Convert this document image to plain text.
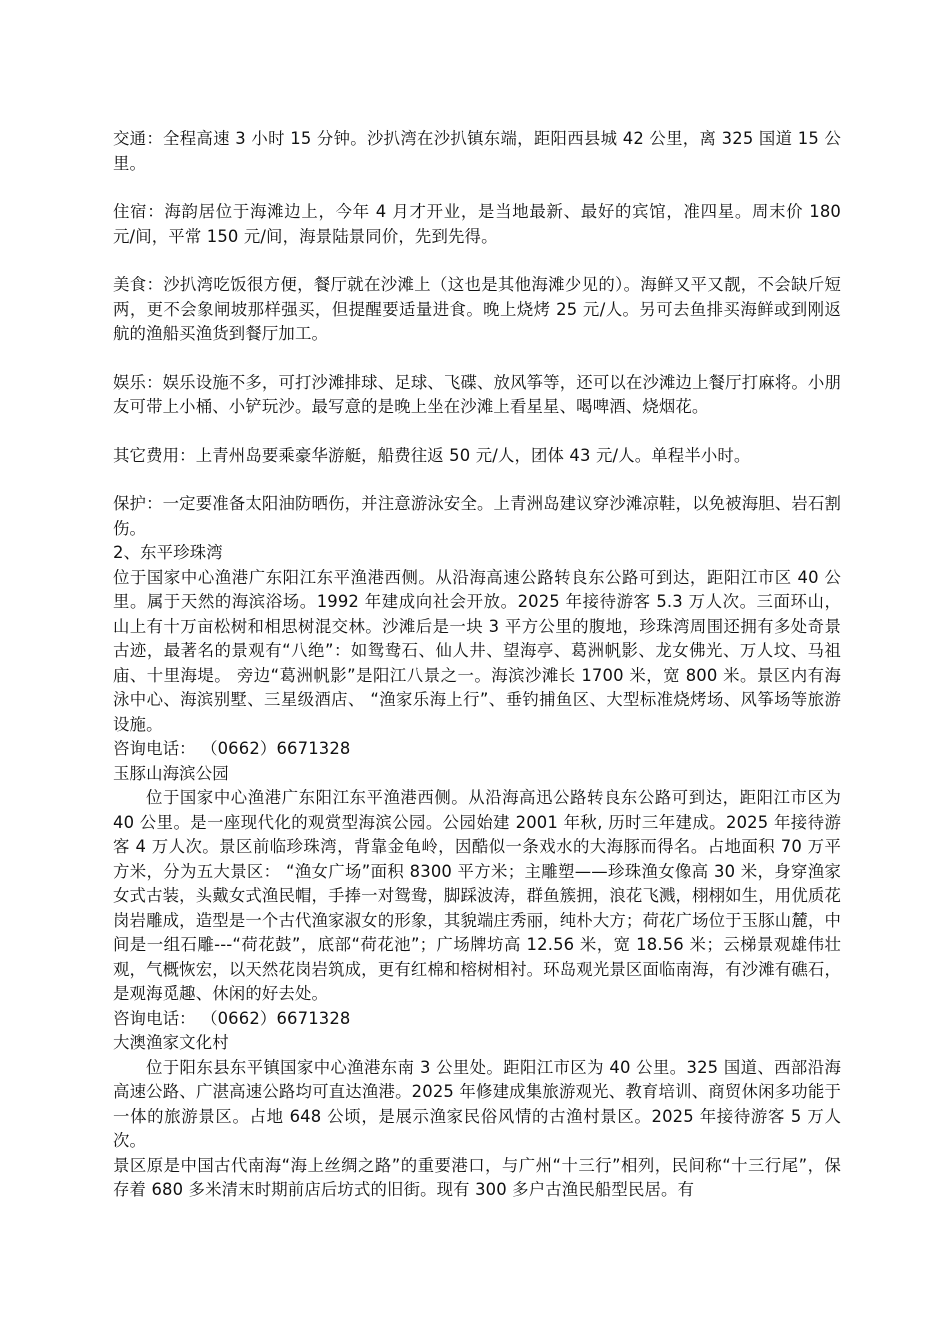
交通：全程高速 3 小时 15 分钟。沙扒湾在沙扒镇东端，距阳西县城 42 公里，离 325 国道 15 公里。

住宿：海韵居位于海滩边上，今年 4 月才开业，是当地最新、最好的宾馆，准四星。周末价 180 元/间，平常 150 元/间，海景陆景同价，先到先得。

美食：沙扒湾吃饭很方便，餐厅就在沙滩上（这也是其他海滩少见的）。海鲜又平又靓，不会缺斤短两，更不会象闸坡那样强买，但提醒要适量进食。晚上烧烤 25 元/人。另可去鱼排买海鲜或到刚返航的渔船买渔货到餐厅加工。

娱乐：娱乐设施不多，可打沙滩排球、足球、飞碟、放风筝等，还可以在沙滩边上餐厅打麻将。小朋友可带上小桶、小铲玩沙。最写意的是晚上坐在沙滩上看星星、喝啤酒、烧烟花。

其它费用：上青州岛要乘豪华游艇，船费往返 50 元/人，团体 43 元/人。单程半小时。

保护：一定要准备太阳油防晒伤，并注意游泳安全。上青洲岛建议穿沙滩凉鞋，以免被海胆、岩石割伤。

2、东平珍珠湾

位于国家中心渔港广东阳江东平渔港西侧。从沿海高速公路转良东公路可到达，距阳江市区 40 公里。属于天然的海滨浴场。1992 年建成向社会开放。2025 年接待游客 5.3 万人次。三面环山，山上有十万亩松树和相思树混交林。沙滩后是一块 3 平方公里的腹地，珍珠湾周围还拥有多处奇景古迹，最著名的景观有“八绝”：如鸳鸯石、仙人井、望海亭、葛洲帆影、龙女佛光、万人坟、马祖庙、十里海堤。 旁边“葛洲帆影”是阳江八景之一。海滨沙滩长 1700 米，宽 800 米。景区内有海泳中心、海滨别墅、三星级酒店、 “渔家乐海上行”、垂钓捕鱼区、大型标准烧烤场、风筝场等旅游设施。

咨询电话： （0662）6671328

玉豚山海滨公园

位于国家中心渔港广东阳江东平渔港西侧。从沿海高迅公路转良东公路可到达，距阳江市区为 40 公里。是一座现代化的观赏型海滨公园。公园始建 2001 年秋, 历时三年建成。2025 年接待游客 4 万人次。景区前临珍珠湾，背靠金龟岭，因酷似一条戏水的大海豚而得名。占地面积 70 万平方米，分为五大景区： “渔女广场”面积 8300 平方米；主雕塑——珍珠渔女像高 30 米，身穿渔家女式古装，头戴女式渔民帽，手捧一对鸳鸯，脚踩波涛，群鱼簇拥，浪花飞溅，栩栩如生，用优质花岗岩雕成，造型是一个古代渔家淑女的形象，其貌端庄秀丽，纯朴大方；荷花广场位于玉豚山麓，中间是一组石雕---“荷花鼓”，底部“荷花池”；广场牌坊高 12.56 米，宽 18.56 米；云梯景观雄伟壮观，气概恢宏，以天然花岗岩筑成，更有红棉和榕树相衬。环岛观光景区面临南海，有沙滩有礁石，是观海觅趣、休闲的好去处。

咨询电话： （0662）6671328

大澳渔家文化村

位于阳东县东平镇国家中心渔港东南 3 公里处。距阳江市区为 40 公里。325 国道、西部沿海高速公路、广湛高速公路均可直达渔港。2025 年修建成集旅游观光、教育培训、商贸休闲多功能于一体的旅游景区。占地 648 公顷，是展示渔家民俗风情的古渔村景区。2025 年接待游客 5 万人次。

景区原是中国古代南海“海上丝绸之路”的重要港口，与广州“十三行”相列，民间称“十三行尾”，保存着 680 多米清末时期前店后坊式的旧街。现有 300 多户古渔民船型民居。有
